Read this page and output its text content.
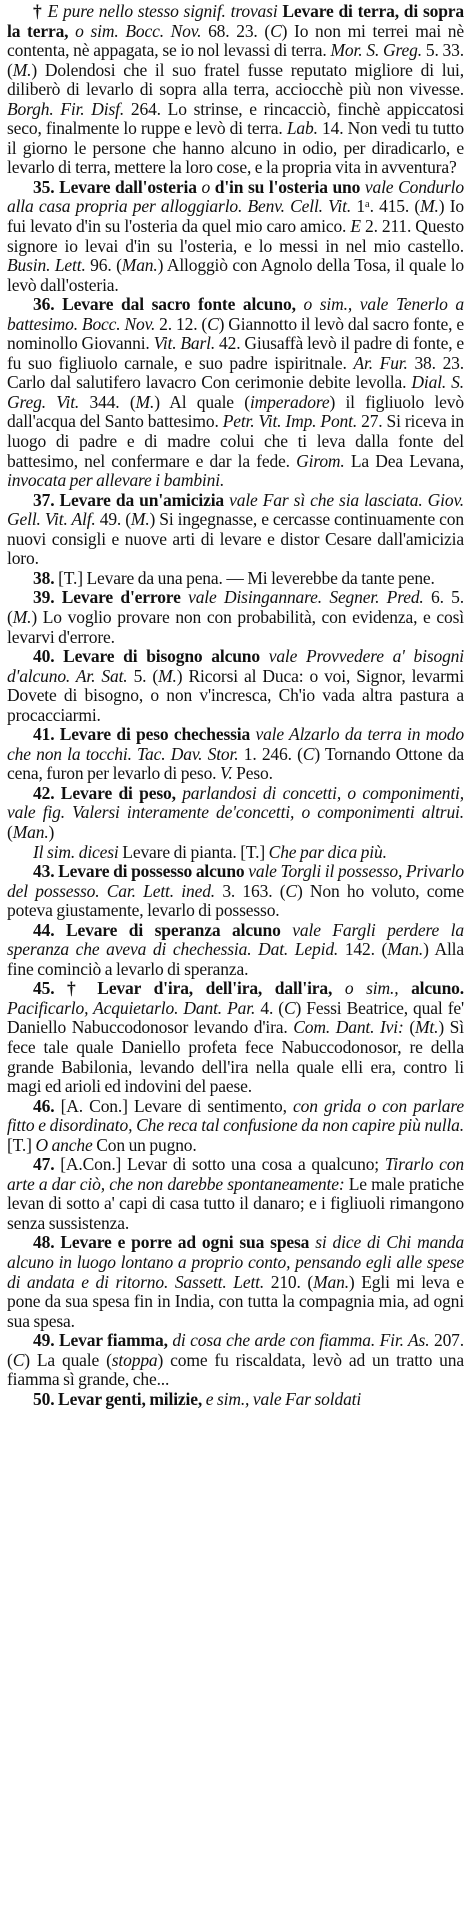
† E pure nello stesso signif. trovasi Levare di terra, di sopra la terra, o sim. Bocc. Nov. 68. 23. (C) Io non mi terrei mai nè contenta, nè appagata, se io nol levassi di terra. Mor. S. Greg. 5. 33. (M.) Dolendosi che il suo fratel fusse reputato migliore di lui, diliberò di levarlo di sopra alla terra, acciocchè più non vivesse. Borgh. Fir. Disf. 264. Lo strinse, e rincacciò, finchè appiccatosi seco, finalmente lo ruppe e levò di terra. Lab. 14. Non vedi tu tutto il giorno le persone che hanno alcuno in odio, per diradicarlo, e levarlo di terra, mettere la loro cose, e la propria vita in avventura?

35. Levare dall'osteria o d'in su l'osteria uno vale Condurlo alla casa propria per alloggiarlo. Benv. Cell. Vit. 1ᵃ. 415. (M.) Io fui levato d'in su l'osteria da quel mio caro amico. E 2. 211. Questo signore io levai d'in su l'osteria, e lo messi in nel mio castello. Busin. Lett. 96. (Man.) Alloggiò con Agnolo della Tosa, il quale lo levò dall'osteria.

36. Levare dal sacro fonte alcuno, o sim., vale Tenerlo a battesimo. Bocc. Nov. 2. 12. (C) Giannotto il levò dal sacro fonte, e nominollo Giovanni. Vit. Barl. 42. Giusaffà levò il padre di fonte, e fu suo figliuolo carnale, e suo padre ispiritnale. Ar. Fur. 38. 23. Carlo dal salutifero lavacro Con cerimonie debite levolla. Dial. S. Greg. Vit. 344. (M.) Al quale (imperadore) il figliuolo levò dall'acqua del Santo battesimo. Petr. Vit. Imp. Pont. 27. Si riceva in luogo di padre e di madre colui che ti leva dalla fonte del battesimo, nel confermare e dar la fede. Girom. La Dea Levana, invocata per allevare i bambini.

37. Levare da un'amicizia vale Far sì che sia lasciata. Giov. Gell. Vit. Alf. 49. (M.) Si ingegnasse, e cercasse continuamente con nuovi consigli e nuove arti di levare e distor Cesare dall'amicizia loro.

38. [T.] Levare da una pena. — Mi leverebbe da tante pene.

39. Levare d'errore vale Disingannare. Segner. Pred. 6. 5. (M.) Lo voglio provare non con probabilità, con evidenza, e così levarvi d'errore.

40. Levare di bisogno alcuno vale Provvedere a' bisogni d'alcuno. Ar. Sat. 5. (M.) Ricorsi al Duca: o voi, Signor, levarmi Dovete di bisogno, o non v'incresca, Ch'io vada altra pastura a procacciarmi.

41. Levare di peso chechessia vale Alzarlo da terra in modo che non la tocchi. Tac. Dav. Stor. 1. 246. (C) Tornando Ottone da cena, furon per levarlo di peso. V. Peso.

42. Levare di peso, parlandosi di concetti, o componimenti, vale fig. Valersi interamente de'concetti, o componimenti altrui. (Man.)

Il sim. dicesi Levare di pianta. [T.] Che par dica più.

43. Levare di possesso alcuno vale Torgli il possesso, Privarlo del possesso. Car. Lett. ined. 3. 163. (C) Non ho voluto, come poteva giustamente, levarlo di possesso.

44. Levare di speranza alcuno vale Fargli perdere la speranza che aveva di chechessia. Dat. Lepid. 142. (Man.) Alla fine cominciò a levarlo di speranza.

45. † Levar d'ira, dell'ira, dall'ira, o sim., alcuno. Pacificarlo, Acquietarlo. Dant. Par. 4. (C) Fessi Beatrice, qual fe' Daniello Nabuccodonosor levando d'ira. Com. Dant. Ivi: (Mt.) Sì fece tale quale Daniello profeta fece Nabuccodonosor, re della grande Babilonia, levando dell'ira nella quale elli era, contro li magi ed arioli ed indovini del paese.

46. [A. Con.] Levare di sentimento, con grida o con parlare fitto e disordinato, Che reca tal confusione da non capire più nulla. [T.] O anche Con un pugno.

47. [A.Con.] Levar di sotto una cosa a qualcuno; Tirarlo con arte a dar ciò, che non darebbe spontaneamente: Le male pratiche levan di sotto a' capi di casa tutto il danaro; e i figliuoli rimangono senza sussistenza.

48. Levare e porre ad ogni sua spesa si dice di Chi manda alcuno in luogo lontano a proprio conto, pensando egli alle spese di andata e di ritorno. Sassett. Lett. 210. (Man.) Egli mi leva e pone da sua spesa fin in India, con tutta la compagnia mia, ad ogni sua spesa.

49. Levar fiamma, di cosa che arde con fiamma. Fir. As. 207. (C) La quale (stoppa) come fu riscaldata, levò ad un tratto una fiamma sì grande, che...

50. Levar genti, milizie, e sim., vale Far soldati
